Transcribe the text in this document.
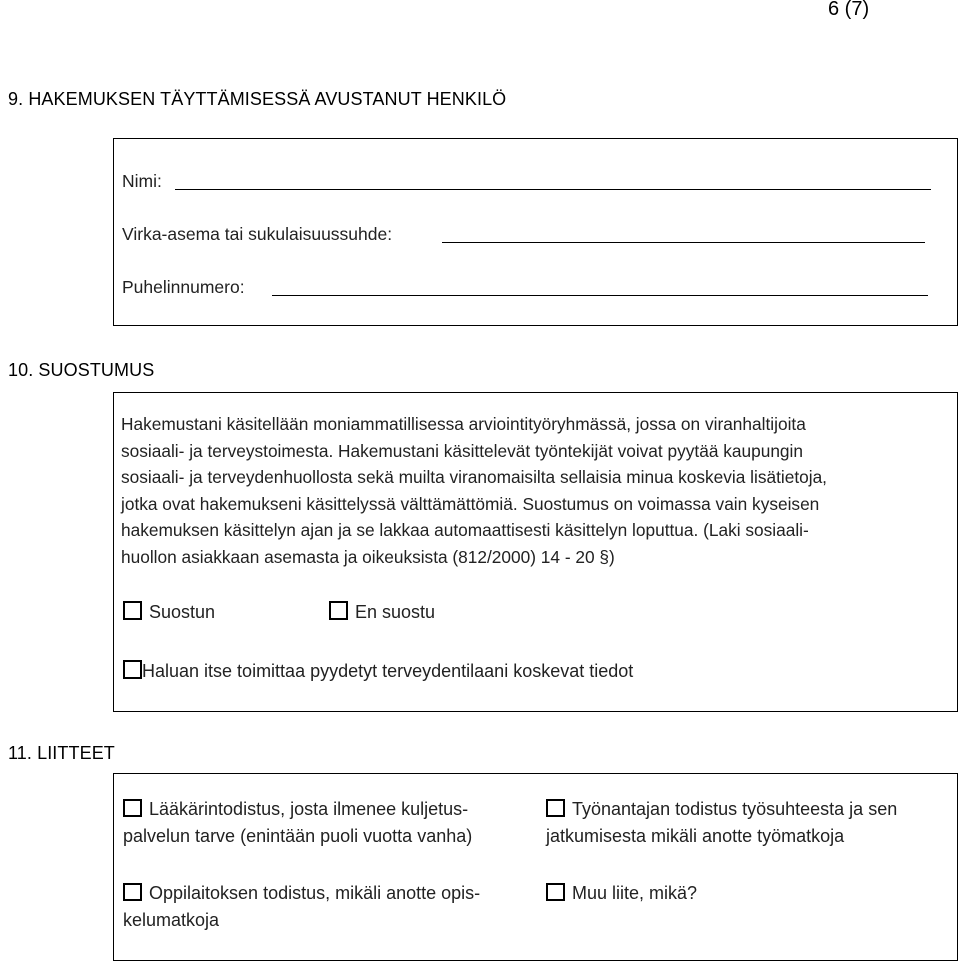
6 (7)
9. HAKEMUKSEN TÄYTTÄMISESSÄ AVUSTANUT HENKILÖ
Nimi:
Virka-asema tai sukulaisuussuhde:
Puhelinnumero:
10. SUOSTUMUS
Hakemustani käsitellään moniammatillisessa arviointityöryhmässä, jossa on viranhaltijoita
sosiaali- ja terveystoimesta. Hakemustani käsittelevät työntekijät voivat pyytää kaupungin
sosiaali- ja terveydenhuollosta sekä muilta viranomaisilta sellaisia minua koskevia lisätietoja,
jotka ovat hakemukseni käsittelyssä välttämättömiä. Suostumus on voimassa vain kyseisen
hakemuksen käsittelyn ajan ja se lakkaa automaattisesti käsittelyn loputtua. (Laki sosiaali-
huollon asiakkaan asemasta ja oikeuksista (812/2000) 14 - 20 §)
Suostun	En suostu
Haluan itse toimittaa pyydetyt terveydentilaani koskevat tiedot
11. LIITTEET
Lääkärintodistus, josta ilmenee kuljetus-
palvelun tarve (enintään puoli vuotta vanha)
Työnantajan todistus työsuhteesta ja sen
jatkumisesta mikäli anotte työmatkoja
Oppilaitoksen todistus, mikäli anotte opis-
kelumatkoja
Muu liite, mikä?
